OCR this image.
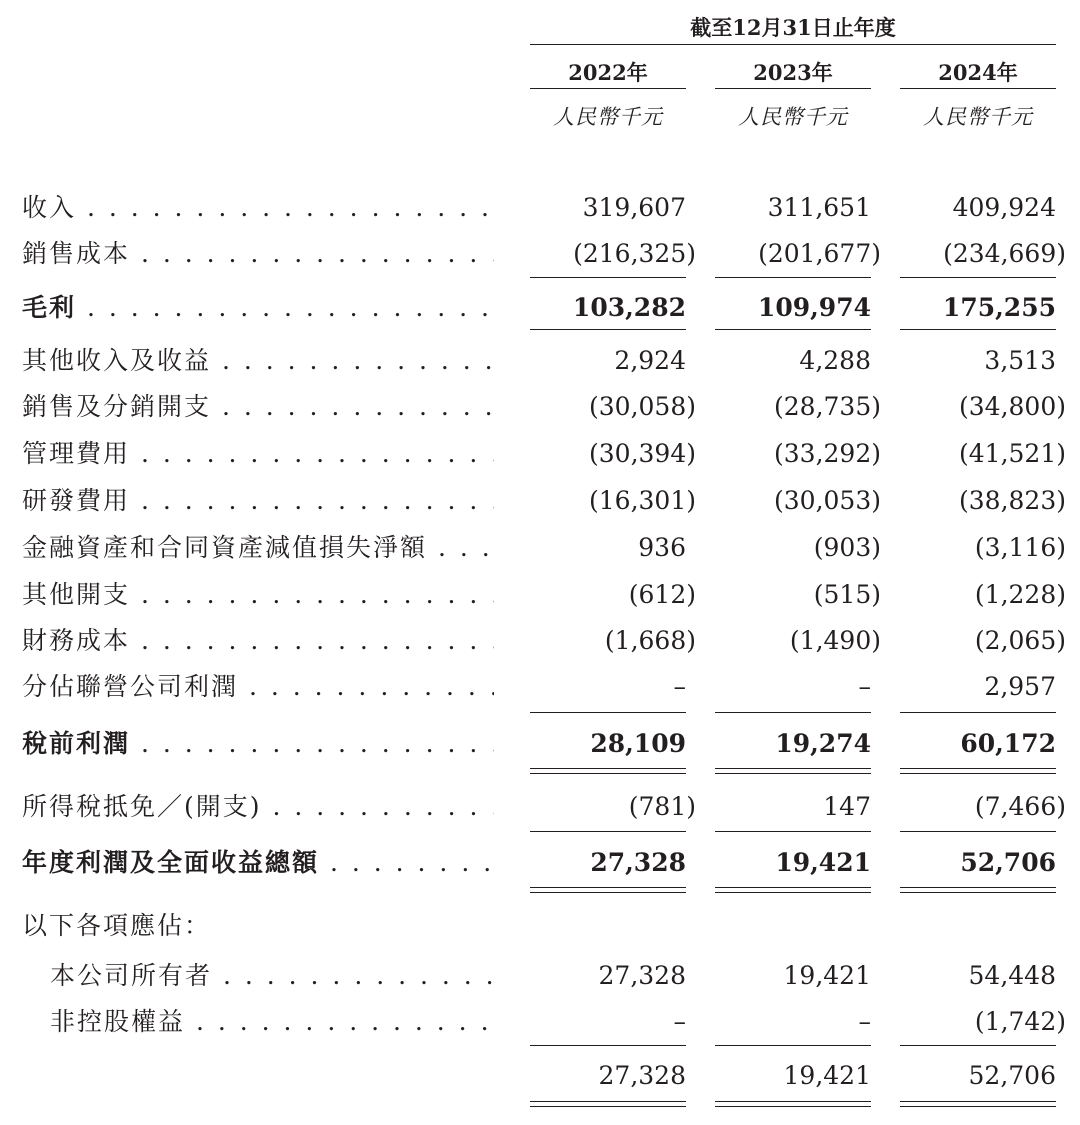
截至12月31日止年度
2022年	2023年	2024年
人民幣千元	人民幣千元	人民幣千元
收入 . . .	319,607	311,651	409,924
銷售成本 . . .	(216,325)	(201,677)	(234,669)
毛利 . . .	103,282	109,974	175,255
其他收入及收益 . . .	2,924	4,288	3,513
銷售及分銷開支 . . .	(30,058)	(28,735)	(34,800)
管理費用 . . .	(30,394)	(33,292)	(41,521)
研發費用 . . .	(16,301)	(30,053)	(38,823)
金融資產和合同資產減值損失淨額 . . .	936	(903)	(3,116)
其他開支 . . .	(612)	(515)	(1,228)
財務成本 . . .	(1,668)	(1,490)	(2,065)
分佔聯營公司利潤 . . .	–	–	2,957
稅前利潤 . . .	28,109	19,274	60,172
所得稅抵免／(開支) . . .	(781)	147	(7,466)
年度利潤及全面收益總額 . . .	27,328	19,421	52,706
以下各項應佔：
本公司所有者 . . .	27,328	19,421	54,448
非控股權益 . . .	–	–	(1,742)
27,328	19,421	52,706
